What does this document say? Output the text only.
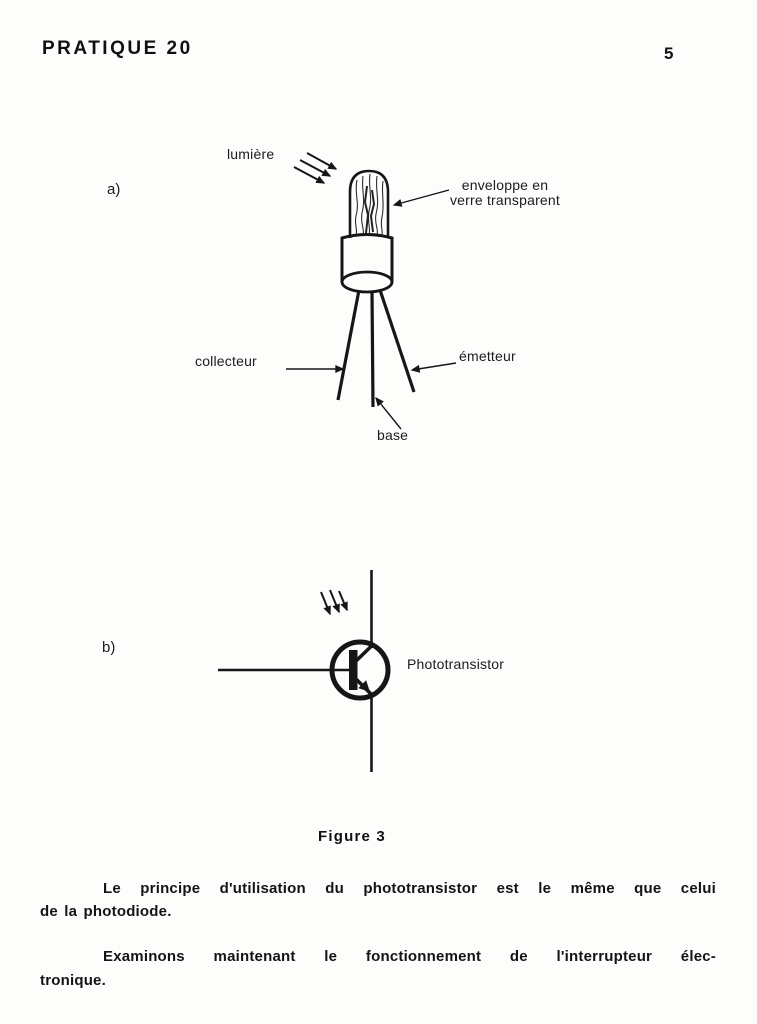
PRATIQUE 20	5
a)
lumière
enveloppe en
verre transparent
collecteur	émetteur
base
b)
Phototransistor
Figure 3
Le principe d'utilisation du phototransistor est le même que celui
de la photodiode.
Examinons maintenant le fonctionnement de l'interrupteur élec-
tronique.
